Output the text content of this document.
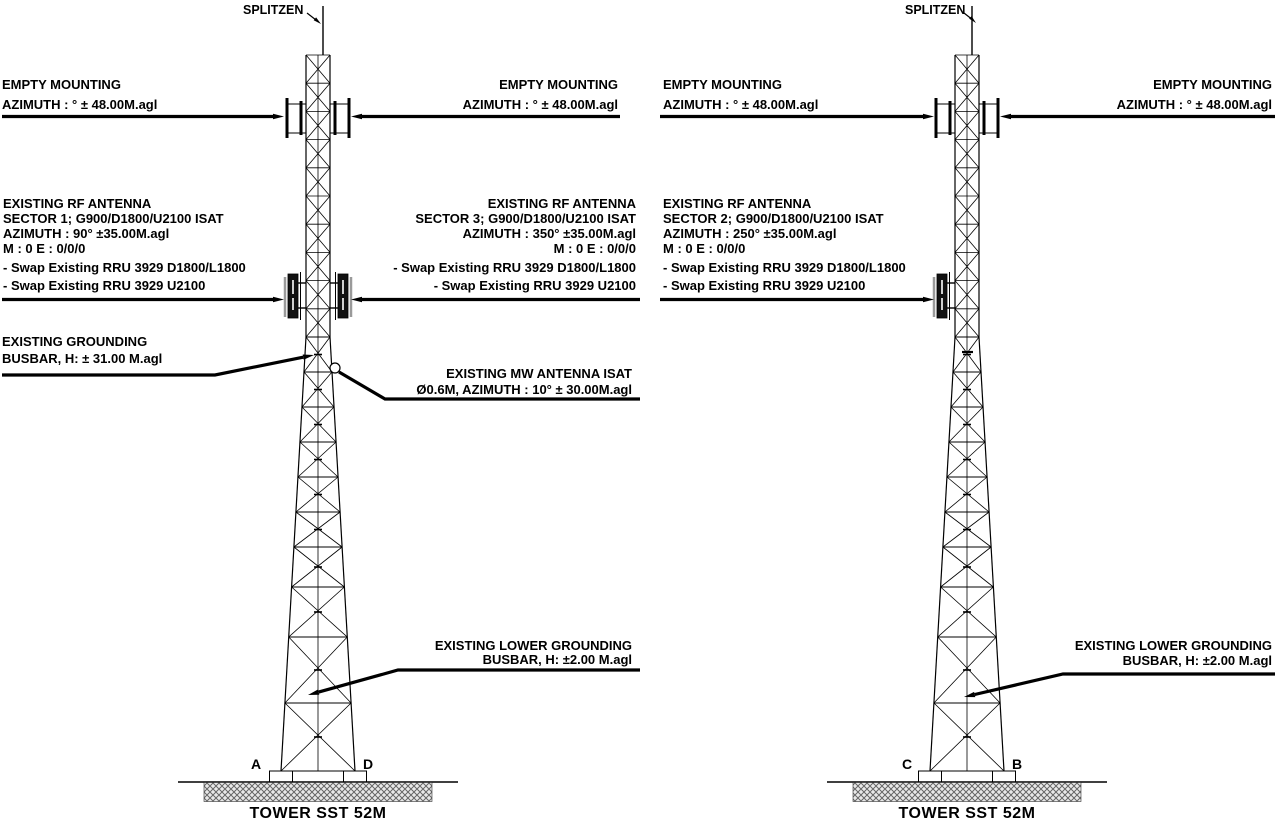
SPLITZEN
EMPTY MOUNTING
AZIMUTH : ° ± 48.00M.agl
EMPTY MOUNTING
AZIMUTH : ° ± 48.00M.agl
EXISTING RF ANTENNA
SECTOR 1; G900/D1800/U2100 ISAT
AZIMUTH : 90° ±35.00M.agl
M : 0 E : 0/0/0
- Swap Existing RRU 3929 D1800/L1800
- Swap Existing RRU 3929 U2100
EXISTING RF ANTENNA
SECTOR 3; G900/D1800/U2100 ISAT
AZIMUTH : 350° ±35.00M.agl
M : 0 E : 0/0/0
- Swap Existing RRU 3929 D1800/L1800
- Swap Existing RRU 3929 U2100
EXISTING GROUNDING
BUSBAR, H: ± 31.00 M.agl
EXISTING MW ANTENNA ISAT
Ø0.6M, AZIMUTH : 10° ± 30.00M.agl
EXISTING LOWER GROUNDING
BUSBAR, H: ±2.00 M.agl
A	D
TOWER SST 52M
SPLITZEN
EMPTY MOUNTING
AZIMUTH : ° ± 48.00M.agl
EMPTY MOUNTING
AZIMUTH : ° ± 48.00M.agl
EXISTING RF ANTENNA
SECTOR 2; G900/D1800/U2100 ISAT
AZIMUTH : 250° ±35.00M.agl
M : 0 E : 0/0/0
- Swap Existing RRU 3929 D1800/L1800
- Swap Existing RRU 3929 U2100
EXISTING LOWER GROUNDING
BUSBAR, H: ±2.00 M.agl
C	B
TOWER SST 52M
